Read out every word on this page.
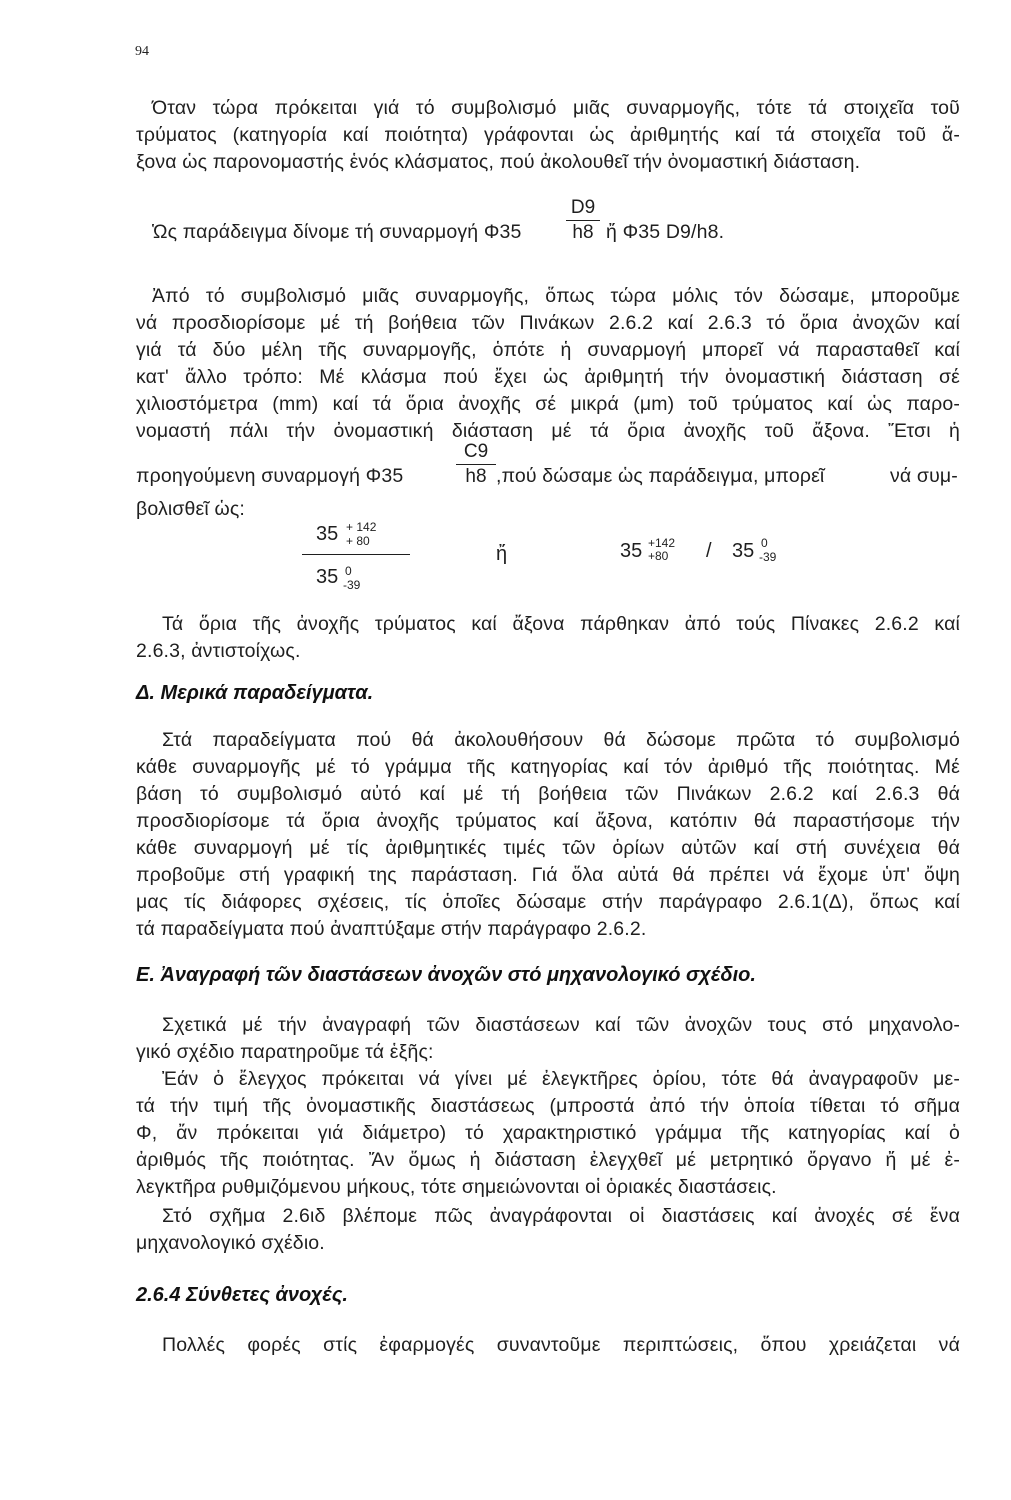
94
Όταν τώρα πρόκειται γιά τό συμβολισμό μιᾶς συναρμογῆς, τότε τά στοιχεῖα τοῦ
τρύματος (κατηγορία καί ποιότητα) γράφονται ὡς ἀριθμητής καί τά στοιχεῖα τοῦ ἄ-
ξονα ὡς παρονομαστής ἑνός κλάσματος, πού ἀκολουθεῖ τήν ὀνομαστική διάσταση.
Ὡς παράδειγμα δίνομε τή συναρμογή Φ35
D9
h8 ἤ Φ35 D9/h8.
Ἀπό τό συμβολισμό μιᾶς συναρμογῆς, ὅπως τώρα μόλις τόν δώσαμε, μποροῦμε
νά προσδιορίσομε μέ τή βοήθεια τῶν Πινάκων 2.6.2 καί 2.6.3 τό ὅρια ἀνοχῶν καί
γιά τά δύο μέλη τῆς συναρμογῆς, ὁπότε ἡ συναρμογή μπορεῖ νά παρασταθεῖ καί
κατ' ἄλλο τρόπο: Μέ κλάσμα πού ἔχει ὡς ἀριθμητή τήν ὀνομαστική διάσταση σέ
χιλιοστόμετρα (mm) καί τά ὅρια ἀνοχῆς σέ μικρά (μm) τοῦ τρύματος καί ὡς παρο-
νομαστή πάλι τήν ὀνομαστική διάσταση μέ τά ὅρια ἀνοχῆς τοῦ ἄξονα. Ἔτσι ἡ
προηγούμενη συναρμογή Φ35
C9
h8 ,πού δώσαμε ὡς παράδειγμα, μπορεῖ	νά συμ-
βολισθεῖ ὡς:
35 + 142
+ 80
35 0
-39
ἤ	35 +142
+80 / 35 0
-39
Τά ὅρια τῆς ἀνοχῆς τρύματος καί ἄξονα πάρθηκαν ἀπό τούς Πίνακες 2.6.2 καί
2.6.3, ἀντιστοίχως.
Δ. Μερικά παραδείγματα.
Στά παραδείγματα πού θά ἀκολουθήσουν θά δώσομε πρῶτα τό συμβολισμό
κάθε συναρμογῆς μέ τό γράμμα τῆς κατηγορίας καί τόν ἀριθμό τῆς ποιότητας. Μέ
βάση τό συμβολισμό αὐτό καί μέ τή βοήθεια τῶν Πινάκων 2.6.2 καί 2.6.3 θά
προσδιορίσομε τά ὅρια ἀνοχῆς τρύματος καί ἄξονα, κατόπιν θά παραστήσομε τήν
κάθε συναρμογή μέ τίς ἀριθμητικές τιμές τῶν ὁρίων αὐτῶν καί στή συνέχεια θά
προβοῦμε στή γραφική της παράσταση. Γιά ὅλα αὐτά θά πρέπει νά ἔχομε ὑπ' ὄψη
μας τίς διάφορες σχέσεις, τίς ὁποῖες δώσαμε στήν παράγραφο 2.6.1(Δ), ὅπως καί
τά παραδείγματα πού ἀναπτύξαμε στήν παράγραφο 2.6.2.
Ε. Ἀναγραφή τῶν διαστάσεων ἀνοχῶν στό μηχανολογικό σχέδιο.
Σχετικά μέ τήν ἀναγραφή τῶν διαστάσεων καί τῶν ἀνοχῶν τους στό μηχανολο-
γικό σχέδιο παρατηροῦμε τά ἑξῆς:
Ἐάν ὁ ἔλεγχος πρόκειται νά γίνει μέ ἐλεγκτῆρες ὁρίου, τότε θά ἀναγραφοῦν με-
τά τήν τιμή τῆς ὀνομαστικῆς διαστάσεως (μπροστά ἀπό τήν ὁποία τίθεται τό σῆμα
Φ, ἄν πρόκειται γιά διάμετρο) τό χαρακτηριστικό γράμμα τῆς κατηγορίας καί ὁ
ἀριθμός τῆς ποιότητας. Ἄν ὅμως ἡ διάσταση ἐλεγχθεῖ μέ μετρητικό ὄργανο ἤ μέ ἐ-
λεγκτῆρα ρυθμιζόμενου μήκους, τότε σημειώνονται οἱ ὁριακές διαστάσεις.
Στό σχῆμα 2.6ιδ βλέπομε πῶς ἀναγράφονται οἱ διαστάσεις καί ἀνοχές σέ ἕνα
μηχανολογικό σχέδιο.
2.6.4 Σύνθετες ἀνοχές.
Πολλές φορές στίς ἐφαρμογές συναντοῦμε περιπτώσεις, ὅπου χρειάζεται νά
